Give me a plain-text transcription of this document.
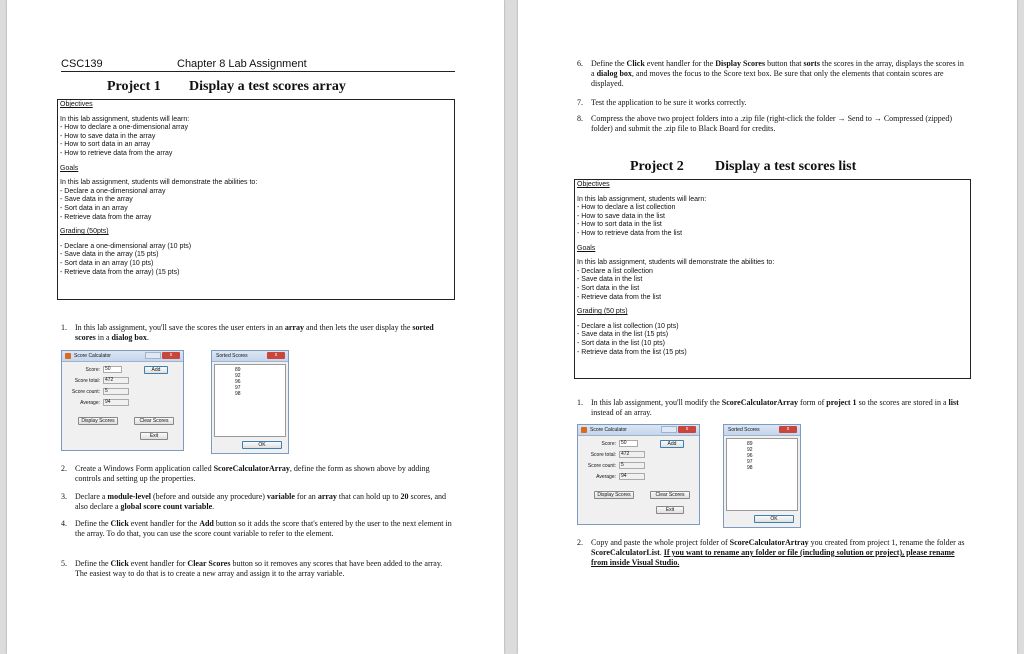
CSC139	Chapter 8 Lab Assignment
Project 1 Display a test scores array
Objectives
In this lab assignment, students will learn:
- How to declare a one-dimensional array
- How to save data in the array
- How to sort data in an array
- How to retrieve data from the array
Goals
In this lab assignment, students will demonstrate the abilities to:
- Declare a one-dimensional array
- Save data in the array
- Sort data in an array
- Retrieve data from the array
Grading (50pts)
- Declare a one-dimensional array (10 pts)
- Save data in the array (15 pts)
- Sort data in an array (10 pts)
- Retrieve data from the array) (15 pts)
1. In this lab assignment, you'll save the scores the user enters in an array and then lets the user display the sorted scores in a dialog box.
Score Calculator	x
Score:	50	Add
Score total:	472
Score count:	5
Average:	94
Display Scores	Clear Scores
Exit
Sorted Scores	x
89
92
96
97
98
OK
2. Create a Windows Form application called ScoreCalculatorArray, define the form as shown above by adding controls and setting up the properties.
3. Declare a module-level (before and outside any procedure) variable for an array that can hold up to 20 scores, and also declare a global score count variable.
4. Define the Click event handler for the Add button so it adds the score that's entered by the user to the next element in the array. To do that, you can use the score count variable to refer to the element.
5. Define the Click event handler for Clear Scores button so it removes any scores that have been added to the array. The easiest way to do that is to create a new array and assign it to the array variable.
6. Define the Click event handler for the Display Scores button that sorts the scores in the array, displays the scores in a dialog box, and moves the focus to the Score text box. Be sure that only the elements that contain scores are displayed.
7. Test the application to be sure it works correctly.
8. Compress the above two project folders into a .zip file (right-click the folder → Send to → Compressed (zipped) folder) and submit the .zip file to Black Board for credits.
Project 2 Display a test scores list
Objectives
In this lab assignment, students will learn:
- How to declare a list collection
- How to save data in the list
- How to sort data in the list
- How to retrieve data from the list
Goals
In this lab assignment, students will demonstrate the abilities to:
- Declare a list collection
- Save data in the list
- Sort data in the list
- Retrieve data from the list
Grading (50 pts)
- Declare a list collection (10 pts)
- Save data in the list (15 pts)
- Sort data in the list (10 pts)
- Retrieve data from the list (15 pts)
1. In this lab assignment, you'll modify the ScoreCalculatorArray form of project 1 so the scores are stored in a list instead of an array.
Score Calculator	x
Score:	50	Add
Score total:	472
Score count:	5
Average:	94
Display Scores	Clear Scores
Exit
Sorted Scores	x
89
92
96
97
98
OK
2. Copy and paste the whole project folder of ScoreCalculatorArtray you created from project 1, rename the folder as ScoreCalculatorList. If you want to rename any folder or file (including solution or project), please rename from inside Visual Studio.
